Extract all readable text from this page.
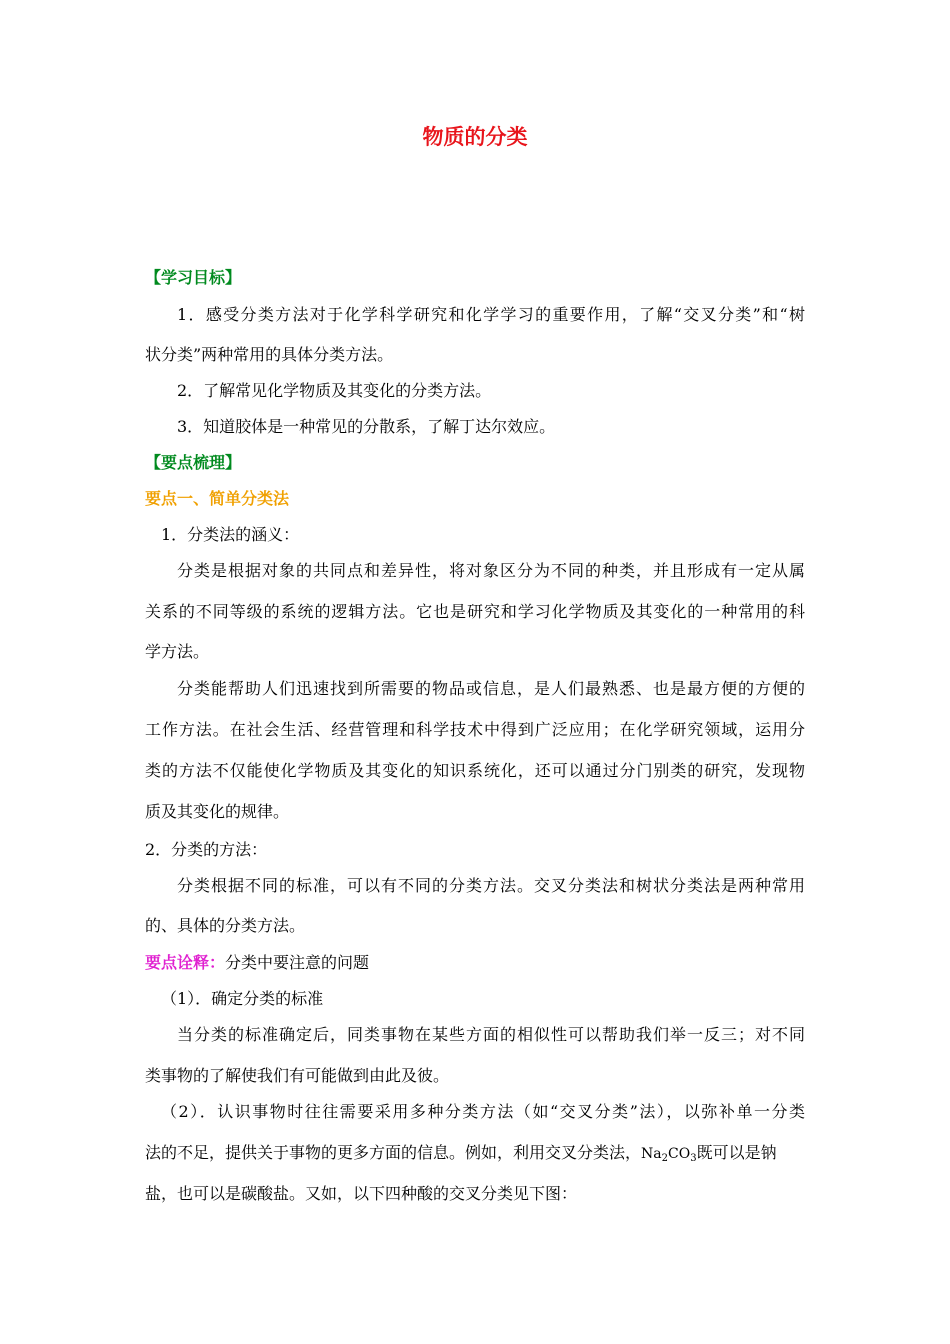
物质的分类
【学习目标】
1．感受分类方法对于化学科学研究和化学学习的重要作用，了解“交叉分类”和“树
状分类”两种常用的具体分类方法。
2．了解常见化学物质及其变化的分类方法。
3．知道胶体是一种常见的分散系，了解丁达尔效应。
【要点梳理】
要点一、简单分类法
1．分类法的涵义：
分类是根据对象的共同点和差异性，将对象区分为不同的种类，并且形成有一定从属
关系的不同等级的系统的逻辑方法。它也是研究和学习化学物质及其变化的一种常用的科
学方法。
分类能帮助人们迅速找到所需要的物品或信息，是人们最熟悉、也是最方便的方便的
工作方法。在社会生活、经营管理和科学技术中得到广泛应用；在化学研究领域，运用分
类的方法不仅能使化学物质及其变化的知识系统化，还可以通过分门别类的研究，发现物
质及其变化的规律。
2．分类的方法：
分类根据不同的标准，可以有不同的分类方法。交叉分类法和树状分类法是两种常用
的、具体的分类方法。
要点诠释：分类中要注意的问题
（1）．确定分类的标准
当分类的标准确定后，同类事物在某些方面的相似性可以帮助我们举一反三；对不同
类事物的了解使我们有可能做到由此及彼。
（2）．认识事物时往往需要采用多种分类方法（如“交叉分类”法），以弥补单一分类
法的不足，提供关于事物的更多方面的信息。例如，利用交叉分类法，$Na_2CO_3$既可以是钠
盐，也可以是碳酸盐。又如，以下四种酸的交叉分类见下图：
